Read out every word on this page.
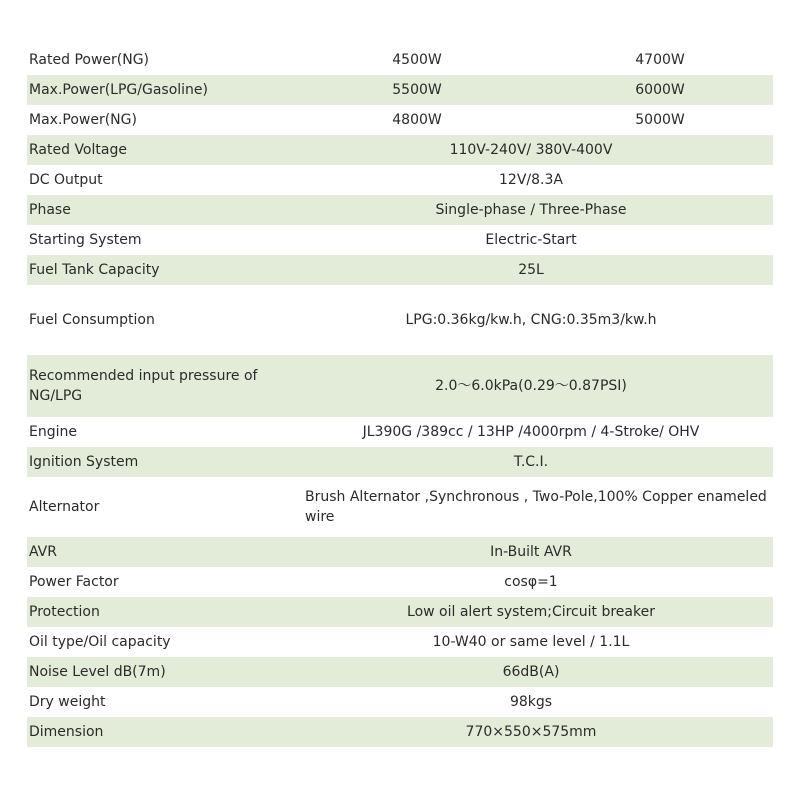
Rated Power(NG)	4500W	4700W
Max.Power(LPG/Gasoline)	5500W	6000W
Max.Power(NG)	4800W	5000W
Rated Voltage	110V-240V/ 380V-400V	
DC Output	12V/8.3A	
Phase	Single-phase / Three-Phase	
Starting System	Electric-Start	
Fuel Tank Capacity	25L	
Fuel Consumption	LPG:0.36kg/kw.h, CNG:0.35m3/kw.h	
Recommended input pressure of NG/LPG	2.0～6.0kPa(0.29～0.87PSI)	
Engine	JL390G /389cc / 13HP /4000rpm / 4-Stroke/ OHV	
Ignition System	T.C.I.	
Alternator	Brush Alternator ,Synchronous , Two-Pole,100% Copper enameled wire	
AVR	In-Built AVR	
Power Factor	cosφ=1	
Protection	Low oil alert system;Circuit breaker	
Oil type/Oil capacity	10-W40 or same level / 1.1L	
Noise Level dB(7m)	66dB(A)	
Dry weight	98kgs	
Dimension	770×550×575mm	
